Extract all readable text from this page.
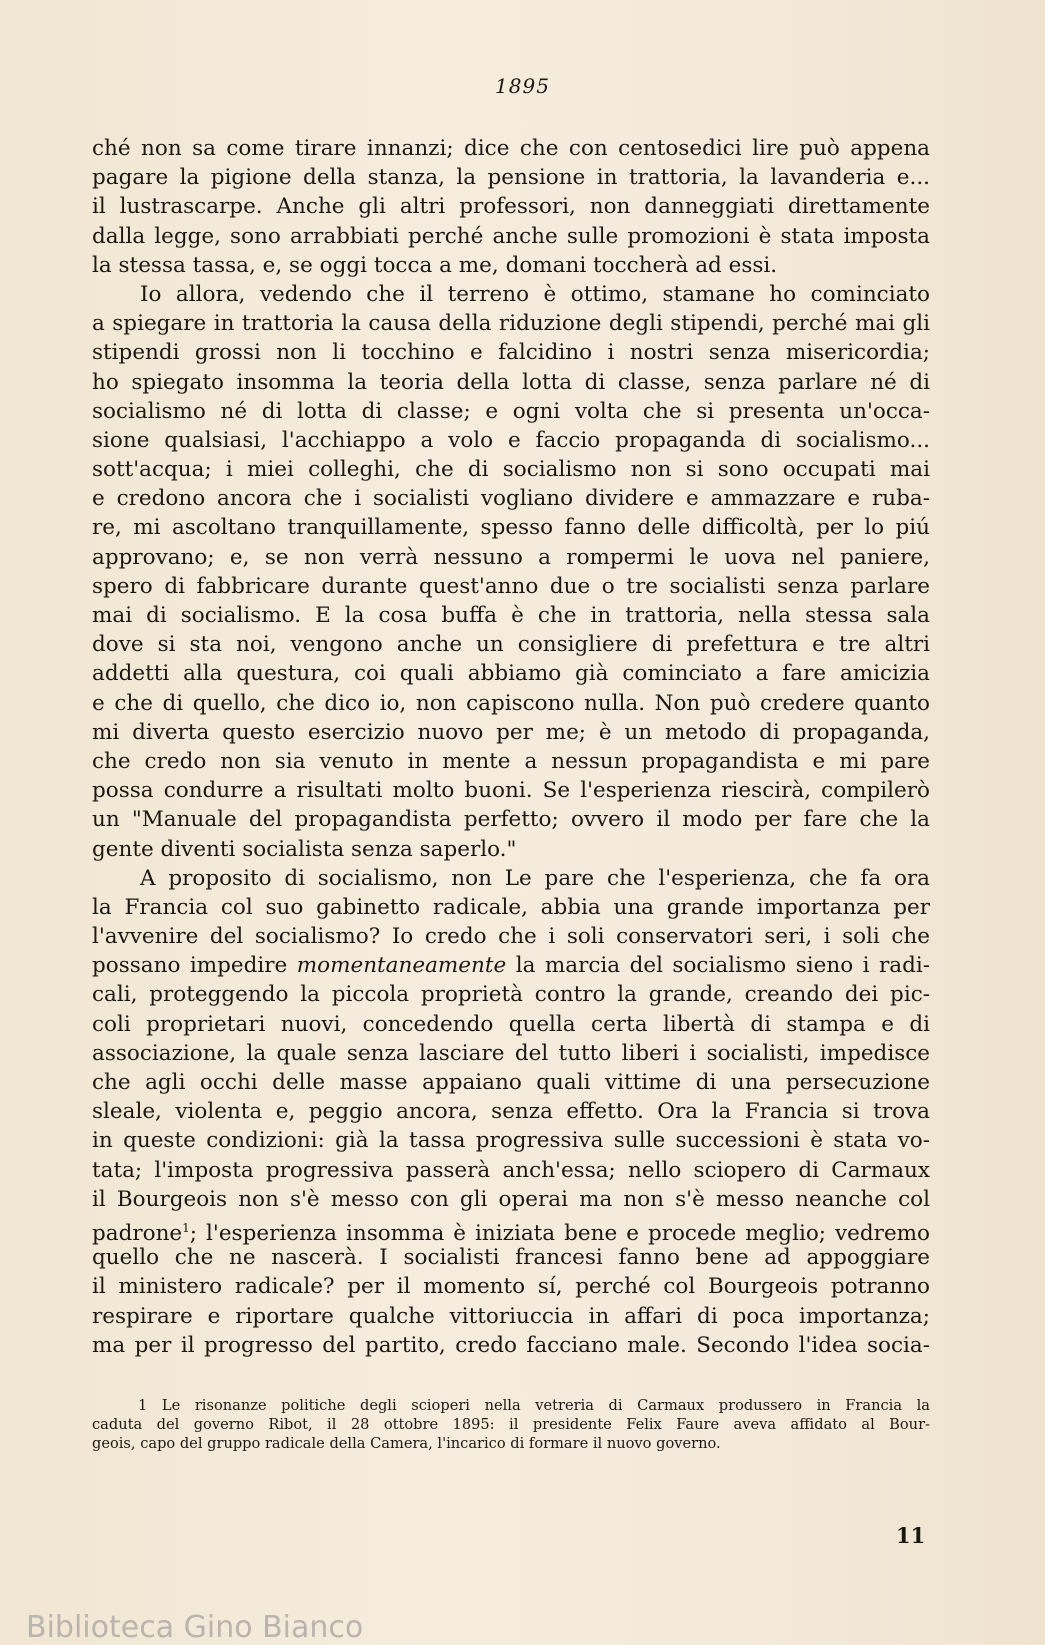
1895
ché non sa come tirare innanzi; dice che con centosedici lire può appena
pagare la pigione della stanza, la pensione in trattoria, la lavanderia e...
il lustrascarpe. Anche gli altri professori, non danneggiati direttamente
dalla legge, sono arrabbiati perché anche sulle promozioni è stata imposta
la stessa tassa, e, se oggi tocca a me, domani toccherà ad essi.
Io allora, vedendo che il terreno è ottimo, stamane ho cominciato
a spiegare in trattoria la causa della riduzione degli stipendi, perché mai gli
stipendi grossi non li tocchino e falcidino i nostri senza misericordia;
ho spiegato insomma la teoria della lotta di classe, senza parlare né di
socialismo né di lotta di classe; e ogni volta che si presenta un'occa-
sione qualsiasi, l'acchiappo a volo e faccio propaganda di socialismo...
sott'acqua; i miei colleghi, che di socialismo non si sono occupati mai
e credono ancora che i socialisti vogliano dividere e ammazzare e ruba-
re, mi ascoltano tranquillamente, spesso fanno delle difficoltà, per lo piú
approvano; e, se non verrà nessuno a rompermi le uova nel paniere,
spero di fabbricare durante quest'anno due o tre socialisti senza parlare
mai di socialismo. E la cosa buffa è che in trattoria, nella stessa sala
dove si sta noi, vengono anche un consigliere di prefettura e tre altri
addetti alla questura, coi quali abbiamo già cominciato a fare amicizia
e che di quello, che dico io, non capiscono nulla. Non può credere quanto
mi diverta questo esercizio nuovo per me; è un metodo di propaganda,
che credo non sia venuto in mente a nessun propagandista e mi pare
possa condurre a risultati molto buoni. Se l'esperienza riescirà, compilerò
un "Manuale del propagandista perfetto; ovvero il modo per fare che la
gente diventi socialista senza saperlo."
A proposito di socialismo, non Le pare che l'esperienza, che fa ora
la Francia col suo gabinetto radicale, abbia una grande importanza per
l'avvenire del socialismo? Io credo che i soli conservatori seri, i soli che
possano impedire momentaneamente la marcia del socialismo sieno i radi-
cali, proteggendo la piccola proprietà contro la grande, creando dei pic-
coli proprietari nuovi, concedendo quella certa libertà di stampa e di
associazione, la quale senza lasciare del tutto liberi i socialisti, impedisce
che agli occhi delle masse appaiano quali vittime di una persecuzione
sleale, violenta e, peggio ancora, senza effetto. Ora la Francia si trova
in queste condizioni: già la tassa progressiva sulle successioni è stata vo-
tata; l'imposta progressiva passerà anch'essa; nello sciopero di Carmaux
il Bourgeois non s'è messo con gli operai ma non s'è messo neanche col
padrone$^1$; l'esperienza insomma è iniziata bene e procede meglio; vedremo
quello che ne nascerà. I socialisti francesi fanno bene ad appoggiare
il ministero radicale? per il momento sí, perché col Bourgeois potranno
respirare e riportare qualche vittoriuccia in affari di poca importanza;
ma per il progresso del partito, credo facciano male. Secondo l'idea socia-
1 Le risonanze politiche degli scioperi nella vetreria di Carmaux produssero in Francia la
caduta del governo Ribot, il 28 ottobre 1895: il presidente Felix Faure aveva affidato al Bour-
geois, capo del gruppo radicale della Camera, l'incarico di formare il nuovo governo.
11
Biblioteca Gino Bianco
